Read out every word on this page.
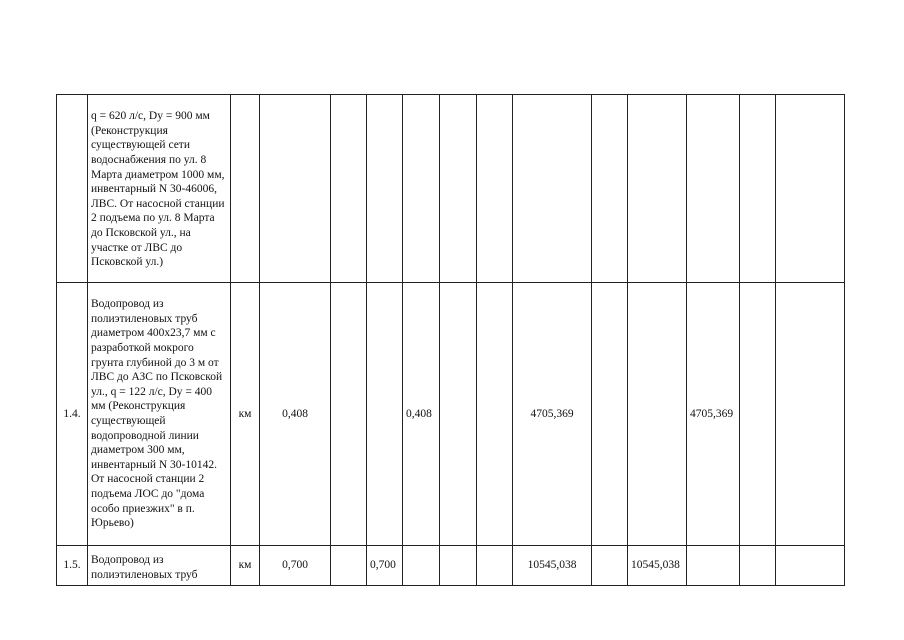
	q = 620 л/с, Dy = 900 мм (Реконструкция существующей сети водоснабжения по ул. 8 Марта диаметром 1000 мм, инвентарный N 30-46006, ЛВС. От насосной станции 2 подъема по ул. 8 Марта до Псковской ул., на участке от ЛВС до Псковской ул.)													
1.4.	Водопровод из полиэтиленовых труб диаметром 400x23,7 мм с разработкой мокрого грунта глубиной до 3 м от ЛВС до АЗС по Псковской ул., q = 122 л/с, Dy = 400 мм (Реконструкция существующей водопроводной линии диаметром 300 мм, инвентарный N 30-10142. От насосной станции 2 подъема ЛОС до "дома особо приезжих" в п. Юрьево)	км	0,408			0,408			4705,369			4705,369		
1.5.	Водопровод из полиэтиленовых труб	км	0,700		0,700				10545,038		10545,038			
